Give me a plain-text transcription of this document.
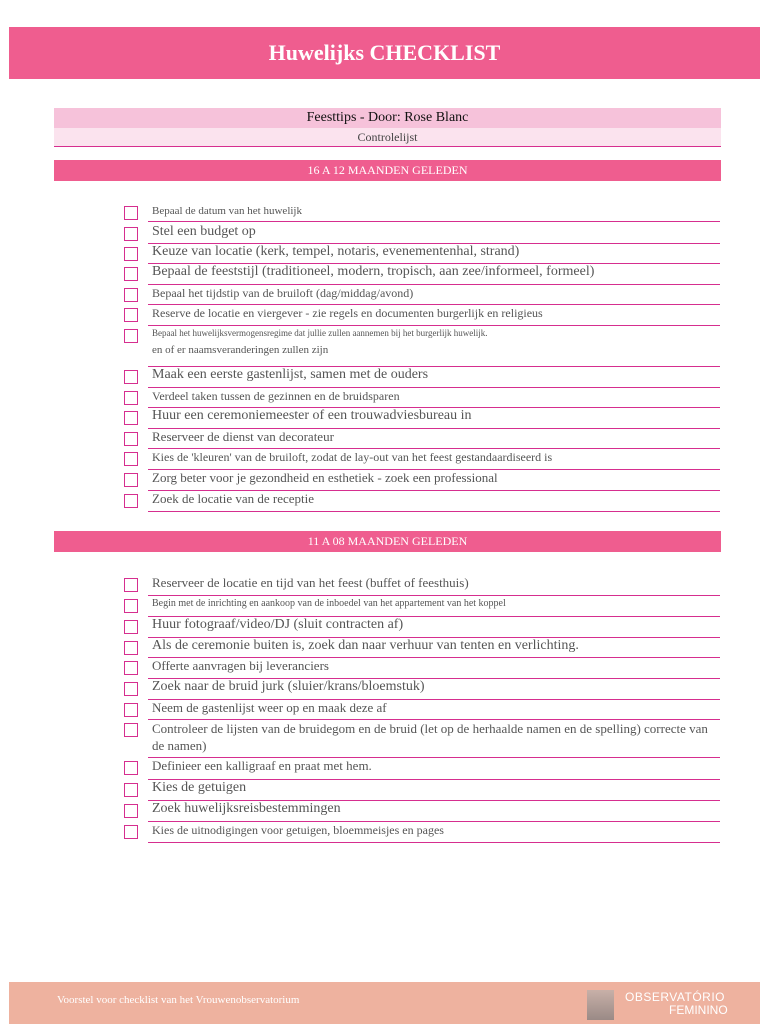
Huwelijks CHECKLIST
Feesttips - Door: Rose Blanc
Controlelijst
16 A 12 MAANDEN GELEDEN
Bepaal de datum van het huwelijk
Stel een budget op
Keuze van locatie (kerk, tempel, notaris, evenementenhal, strand)
Bepaal de feeststijl (traditioneel, modern, tropisch, aan zee/informeel, formeel)
Bepaal het tijdstip van de bruiloft (dag/middag/avond)
Reserve de locatie en viergever - zie regels en documenten burgerlijk en religieus
Bepaal het huwelijksvermogensregime dat jullie zullen aannemen bij het burgerlijk huwelijk.
en of er naamsveranderingen zullen zijn
Maak een eerste gastenlijst, samen met de ouders
Verdeel taken tussen de gezinnen en de bruidsparen
Huur een ceremoniemeester of een trouwadviesbureau in
Reserveer de dienst van decorateur
Kies de 'kleuren' van de bruiloft, zodat de lay-out van het feest gestandaardiseerd is
Zorg beter voor je gezondheid en esthetiek - zoek een professional
Zoek de locatie van de receptie
11 A 08 MAANDEN GELEDEN
Reserveer de locatie en tijd van het feest (buffet of feesthuis)
Begin met de inrichting en aankoop van de inboedel van het appartement van het koppel
Huur fotograaf/video/DJ (sluit contracten af)
Als de ceremonie buiten is, zoek dan naar verhuur van tenten en verlichting.
Offerte aanvragen bij leveranciers
Zoek naar de bruid jurk (sluier/krans/bloemstuk)
Neem de gastenlijst weer op en maak deze af
Controleer de lijsten van de bruidegom en de bruid (let op de herhaalde namen en de spelling) correcte van de namen)
Definieer een kalligraaf en praat met hem.
Kies de getuigen
Zoek huwelijksreisbestemmingen
Kies de uitnodigingen voor getuigen, bloemmeisjes en pages
Voorstel voor checklist van het Vrouwenobservatorium	OBSERVATÓRIO
FEMININO
